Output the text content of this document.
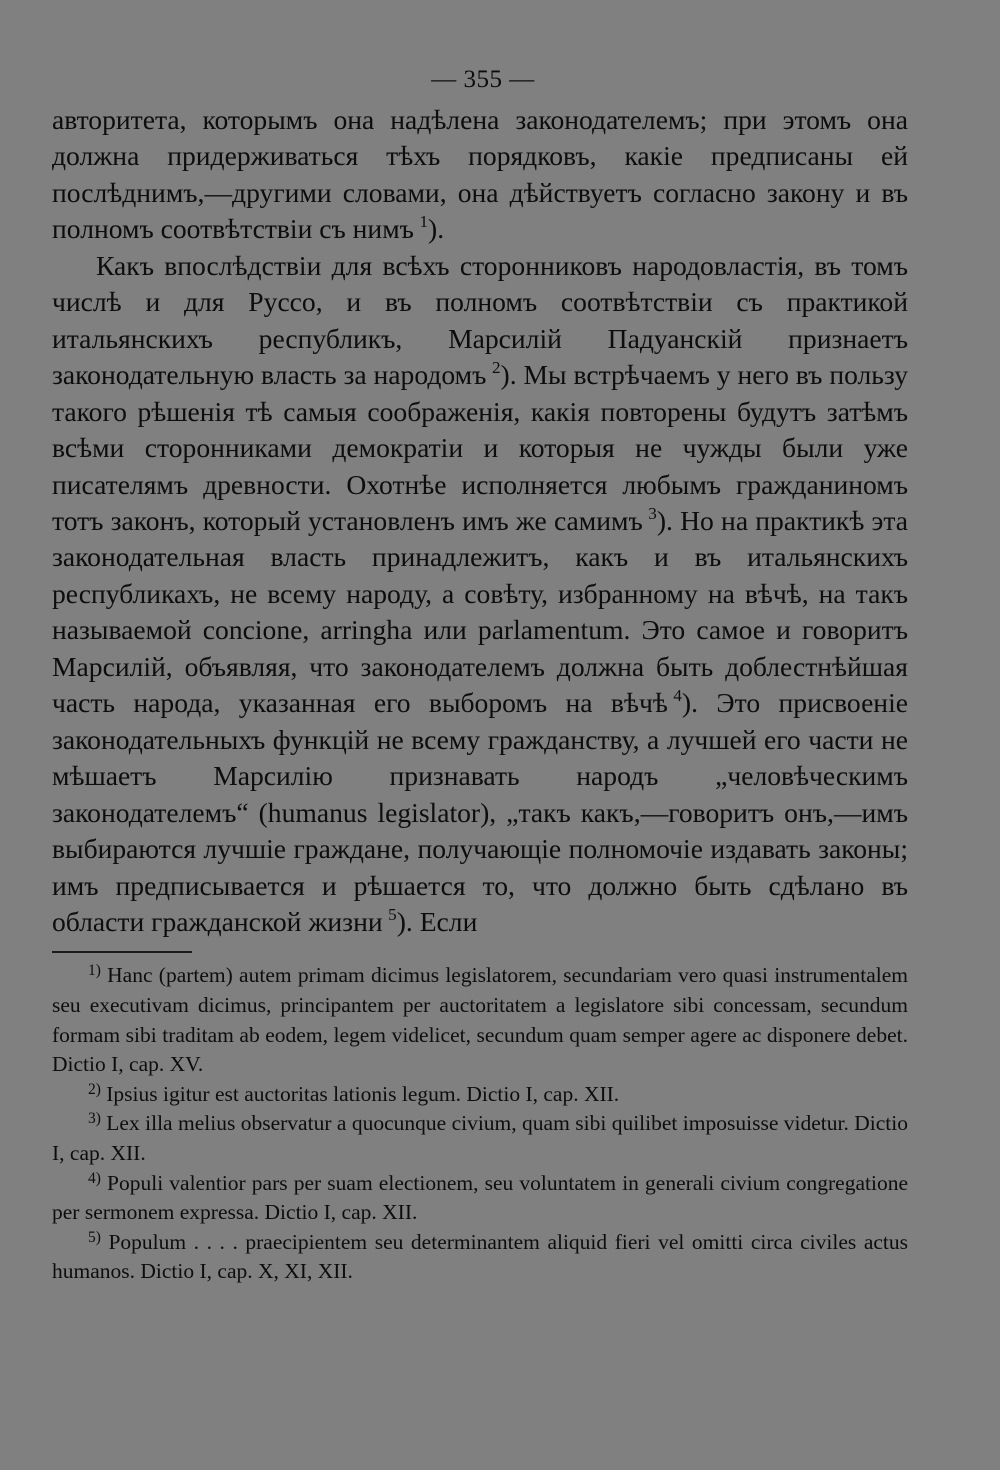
— 355 —

авторитета, которымъ она надѣлена законодателемъ; при этомъ она должна придерживаться тѣхъ порядковъ, какіе предписаны ей послѣднимъ,—другими словами, она дѣйствуетъ согласно закону и въ полномъ соотвѣтствіи съ нимъ  $^1$).

Какъ впослѣдствіи для всѣхъ сторонниковъ народовластія, въ томъ числѣ и для Руссо, и въ полномъ соотвѣтствіи съ практикой итальянскихъ республикъ, Марсилій Падуанскій признаетъ законодательную власть за народомъ  $^2$). Мы встрѣчаемъ у него въ пользу такого рѣшенія тѣ самыя соображенія, какія повторены будутъ затѣмъ всѣми сторонниками демократіи и которыя не чужды были уже писателямъ древности. Охотнѣе исполняется любымъ гражданиномъ тотъ законъ, который установленъ имъ же самимъ  $^3$). Но на практикѣ эта законодательная власть принадлежитъ, какъ и въ итальянскихъ республикахъ, не всему народу, а совѣту, избранному на вѣчѣ, на такъ называемой concione, arringha или parlamentum. Это самое и говоритъ Марсилій, объявляя, что законодателемъ должна быть доблестнѣйшая часть народа, указанная его выборомъ на вѣчѣ  $^4$). Это присвоеніе законодательныхъ функцій не всему гражданству, а лучшей его части не мѣшаетъ Марсилію признавать народъ „человѣческимъ законодателемъ“ (humanus legislator), „такъ какъ,—говоритъ онъ,—имъ выбираются лучшіе граждане, получающіе полномочіе издавать законы; имъ предписывается и рѣшается то, что должно быть сдѣлано въ области гражданской жизни  $^5$). Если

$^{1)}$ Hanc (partem) autem primam dicimus legislatorem, secundariam vero quasi instrumentalem seu executivam dicimus, principantem per auctoritatem a legislatore sibi concessam, secundum formam sibi traditam ab eodem, legem videlicet, secundum quam semper agere ac disponere debet. Dictio I, cap. XV.

$^{2)}$ Ipsius igitur est auctoritas lationis legum. Dictio I, cap. XII.

$^{3)}$ Lex illa melius observatur a quocunque civium, quam sibi quilibet imposuisse videtur. Dictio I, cap. XII.

$^{4)}$ Populi valentior pars per suam electionem, seu voluntatem in generali civium congregatione per sermonem expressa. Dictio I, cap. XII.

$^{5)}$ Populum . . . . praecipientem seu determinantem aliquid fieri vel omitti circa civiles actus humanos. Dictio I, cap. X, XI, XII.
